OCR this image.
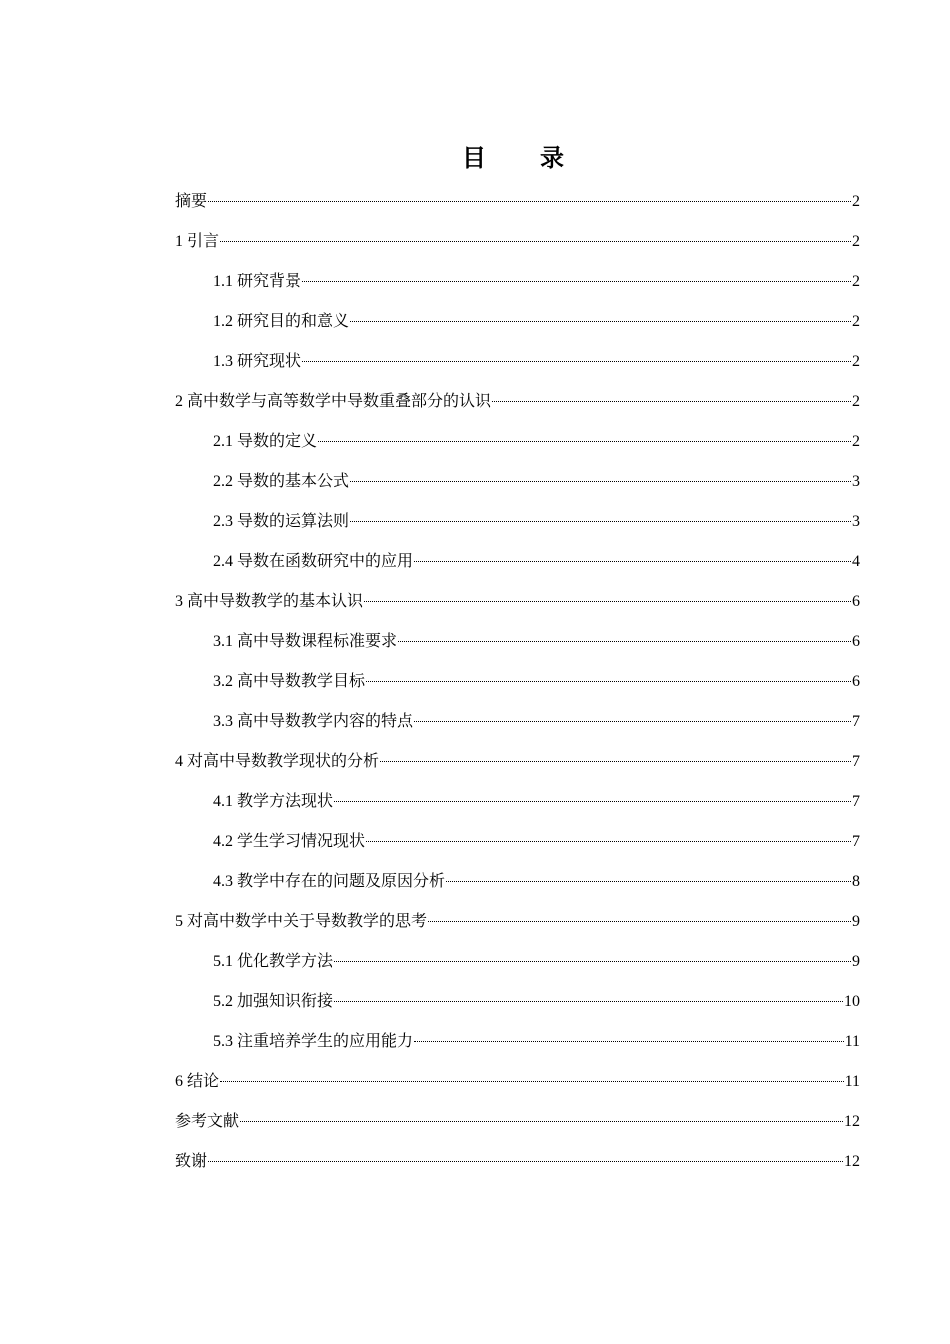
目 录
摘要	2
1 引言	2
1.1 研究背景	2
1.2 研究目的和意义	2
1.3 研究现状	2
2 高中数学与高等数学中导数重叠部分的认识	2
2.1 导数的定义	2
2.2 导数的基本公式	3
2.3 导数的运算法则	3
2.4 导数在函数研究中的应用	4
3 高中导数教学的基本认识	6
3.1 高中导数课程标准要求	6
3.2 高中导数教学目标	6
3.3 高中导数教学内容的特点	7
4 对高中导数教学现状的分析	7
4.1 教学方法现状	7
4.2 学生学习情况现状	7
4.3 教学中存在的问题及原因分析	8
5 对高中数学中关于导数教学的思考	9
5.1 优化教学方法	9
5.2 加强知识衔接	10
5.3 注重培养学生的应用能力	11
6 结论	11
参考文献	12
致谢	12
